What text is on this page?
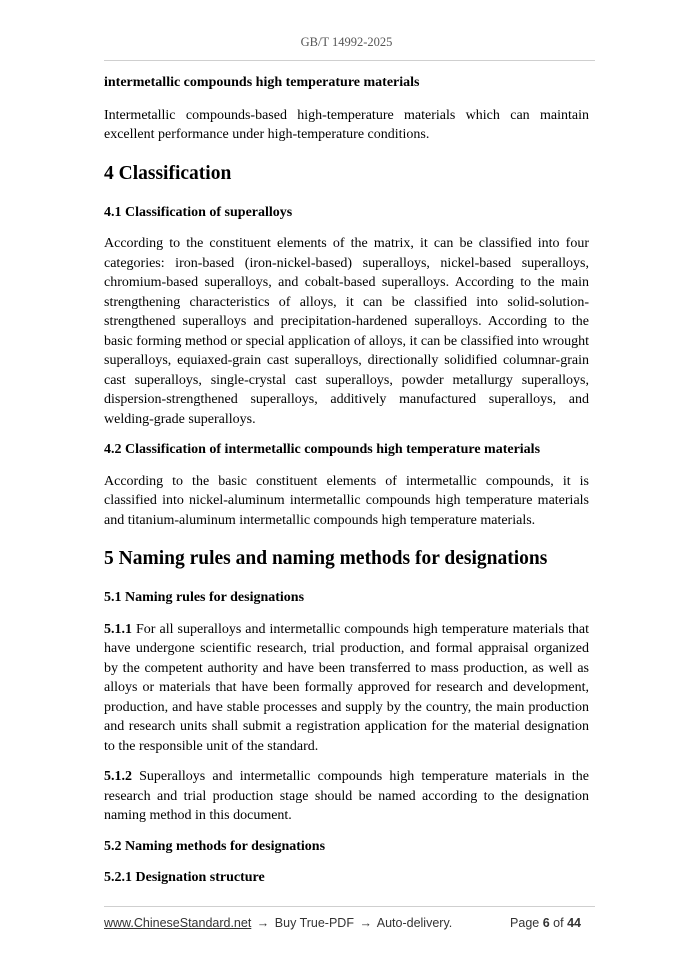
GB/T 14992-2025

intermetallic compounds high temperature materials

Intermetallic compounds-based high-temperature materials which can maintain excellent performance under high-temperature conditions.

4 Classification
4.1 Classification of superalloys

According to the constituent elements of the matrix, it can be classified into four categories: iron-based (iron-nickel-based) superalloys, nickel-based superalloys, chromium-based superalloys, and cobalt-based superalloys. According to the main strengthening characteristics of alloys, it can be classified into solid-solution-strengthened superalloys and precipitation-hardened superalloys. According to the basic forming method or special application of alloys, it can be classified into wrought superalloys, equiaxed-grain cast superalloys, directionally solidified columnar-grain cast superalloys, single-crystal cast superalloys, powder metallurgy superalloys, dispersion-strengthened superalloys, additively manufactured superalloys, and welding-grade superalloys.

4.2 Classification of intermetallic compounds high temperature materials

According to the basic constituent elements of intermetallic compounds, it is classified into nickel-aluminum intermetallic compounds high temperature materials and titanium-aluminum intermetallic compounds high temperature materials.

5 Naming rules and naming methods for designations
5.1 Naming rules for designations

5.1.1 For all superalloys and intermetallic compounds high temperature materials that have undergone scientific research, trial production, and formal appraisal organized by the competent authority and have been transferred to mass production, as well as alloys or materials that have been formally approved for research and development, production, and have stable processes and supply by the country, the main production and research units shall submit a registration application for the material designation to the responsible unit of the standard.

5.1.2 Superalloys and intermetallic compounds high temperature materials in the research and trial production stage should be named according to the designation naming method in this document.

5.2 Naming methods for designations
5.2.1 Designation structure
www.ChineseStandard.net → Buy True-PDF → Auto-delivery.	Page 6 of 44
